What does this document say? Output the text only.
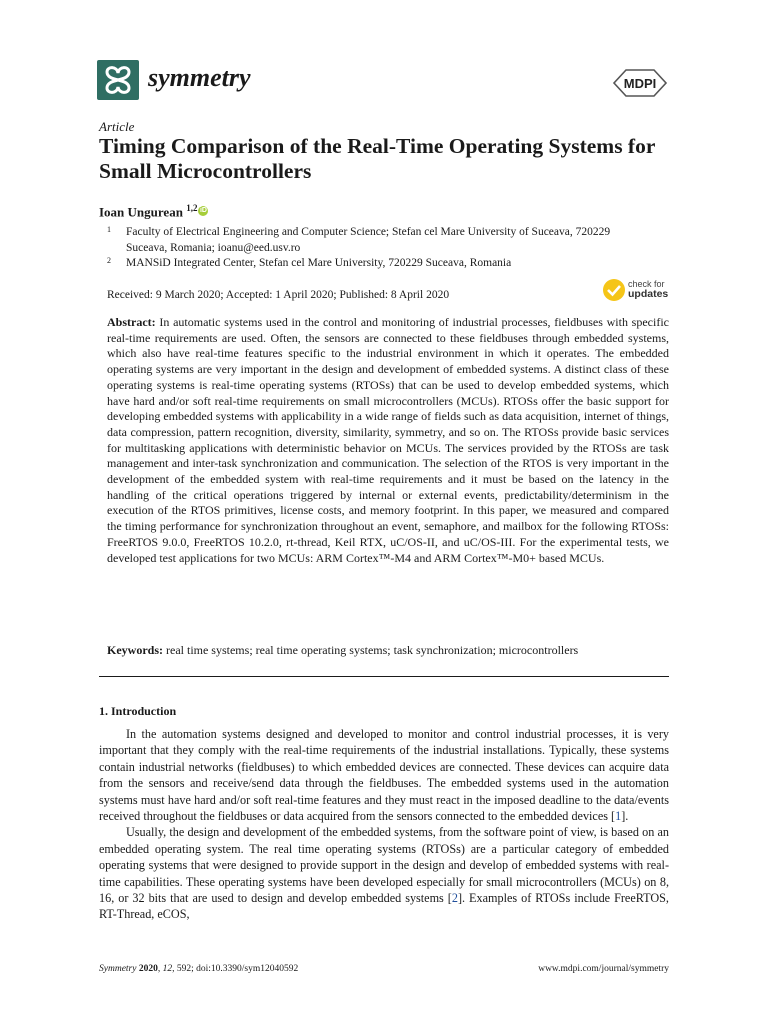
symmetry	MDPI
Article
Timing Comparison of the Real-Time Operating Systems for Small Microcontrollers
Ioan Ungurean $^{1,2}$ iD
1	Faculty of Electrical Engineering and Computer Science; Stefan cel Mare University of Suceava, 720229 Suceava, Romania; ioanu@eed.usv.ro
2	MANSiD Integrated Center, Stefan cel Mare University, 720229 Suceava, Romania
check for
updates
Received: 9 March 2020; Accepted: 1 April 2020; Published: 8 April 2020
Abstract: In automatic systems used in the control and monitoring of industrial processes, fieldbuses with specific real-time requirements are used. Often, the sensors are connected to these fieldbuses through embedded systems, which also have real-time features specific to the industrial environment in which it operates. The embedded operating systems are very important in the design and development of embedded systems. A distinct class of these operating systems is real-time operating systems (RTOSs) that can be used to develop embedded systems, which have hard and/or soft real-time requirements on small microcontrollers (MCUs). RTOSs offer the basic support for developing embedded systems with applicability in a wide range of fields such as data acquisition, internet of things, data compression, pattern recognition, diversity, similarity, symmetry, and so on. The RTOSs provide basic services for multitasking applications with deterministic behavior on MCUs. The services provided by the RTOSs are task management and inter-task synchronization and communication. The selection of the RTOS is very important in the development of the embedded system with real-time requirements and it must be based on the latency in the handling of the critical operations triggered by internal or external events, predictability/determinism in the execution of the RTOS primitives, license costs, and memory footprint. In this paper, we measured and compared the timing performance for synchronization throughout an event, semaphore, and mailbox for the following RTOSs: FreeRTOS 9.0.0, FreeRTOS 10.2.0, rt-thread, Keil RTX, uC/OS-II, and uC/OS-III. For the experimental tests, we developed test applications for two MCUs: ARM Cortex™-M4 and ARM Cortex™-M0+ based MCUs.
Keywords: real time systems; real time operating systems; task synchronization; microcontrollers
1. Introduction

In the automation systems designed and developed to monitor and control industrial processes, it is very important that they comply with the real-time requirements of the industrial installations. Typically, these systems contain industrial networks (fieldbuses) to which embedded devices are connected. These devices can acquire data from the sensors and receive/send data through the fieldbuses. The embedded systems used in the automation systems must have hard and/or soft real-time features and they must react in the imposed deadline to the data/events received throughout the fieldbuses or data acquired from the sensors connected to the embedded devices [1].

Usually, the design and development of the embedded systems, from the software point of view, is based on an embedded operating system. The real time operating systems (RTOSs) are a particular category of embedded operating systems that were designed to provide support in the design and develop of embedded systems with real-time capabilities. These operating systems have been developed especially for small microcontrollers (MCUs) on 8, 16, or 32 bits that are used to design and develop embedded systems [2]. Examples of RTOSs include FreeRTOS, RT-Thread, eCOS,

Symmetry 2020, 12, 592; doi:10.3390/sym12040592	www.mdpi.com/journal/symmetry
